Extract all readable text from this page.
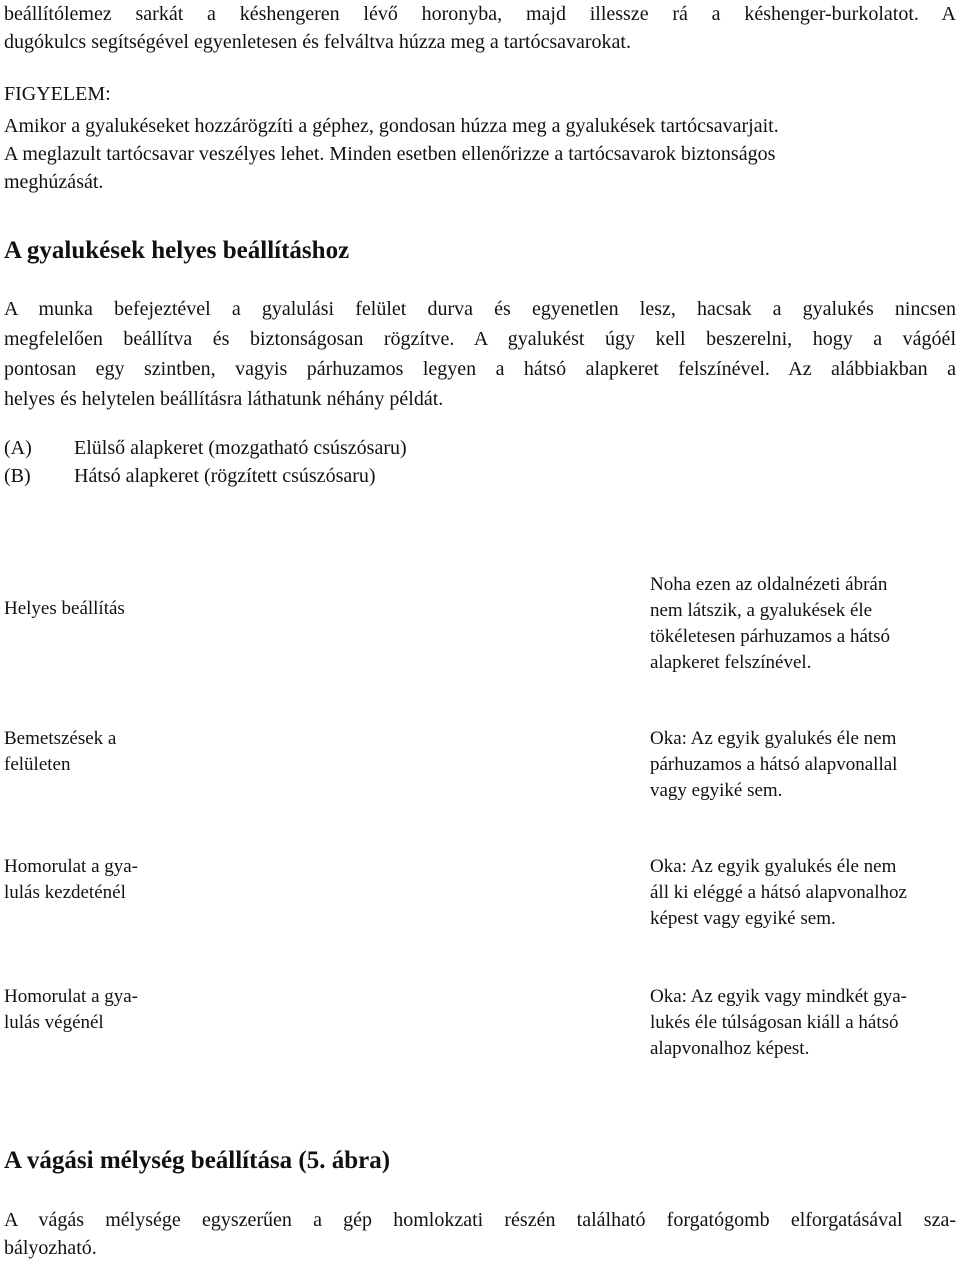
beállítólemez sarkát a késhengeren lévő horonyba, majd illessze rá a késhenger-burkolatot. A
dugókulcs segítségével egyenletesen és felváltva húzza meg a tartócsavarokat.

FIGYELEM:

Amikor a gyalukéseket hozzárögzíti a géphez, gondosan húzza meg a gyalukések tartócsavarjait.
A meglazult tartócsavar veszélyes lehet. Minden esetben ellenőrizze a tartócsavarok biztonságos
meghúzását.

A gyalukések helyes beállításhoz

A munka befejeztével a gyalulási felület durva és egyenetlen lesz, hacsak a gyalukés nincsen
megfelelően beállítva és biztonságosan rögzítve. A gyalukést úgy kell beszerelni, hogy a vágóél
pontosan egy szintben, vagyis párhuzamos legyen a hátsó alapkeret felszínével. Az alábbiakban a
helyes és helytelen beállításra láthatunk néhány példát.

(A)	Elülső alapkeret (mozgatható csúszósaru)
(B)	Hátsó alapkeret (rögzített csúszósaru)
Helyes beállítás
Noha ezen az oldalnézeti ábrán
nem látszik, a gyalukések éle
tökéletesen párhuzamos a hátsó
alapkeret felszínével.
Bemetszések a
felületen
Oka: Az egyik gyalukés éle nem
párhuzamos a hátsó alapvonallal
vagy egyiké sem.
Homorulat a gya-
lulás kezdeténél
Oka: Az egyik gyalukés éle nem
áll ki eléggé a hátsó alapvonalhoz
képest vagy egyiké sem.
Homorulat a gya-
lulás végénél
Oka: Az egyik vagy mindkét gya-
lukés éle túlságosan kiáll a hátsó
alapvonalhoz képest.
A vágási mélység beállítása (5. ábra)

A vágás mélysége egyszerűen a gép homlokzati részén található forgatógomb elforgatásával sza-
bályozható.
